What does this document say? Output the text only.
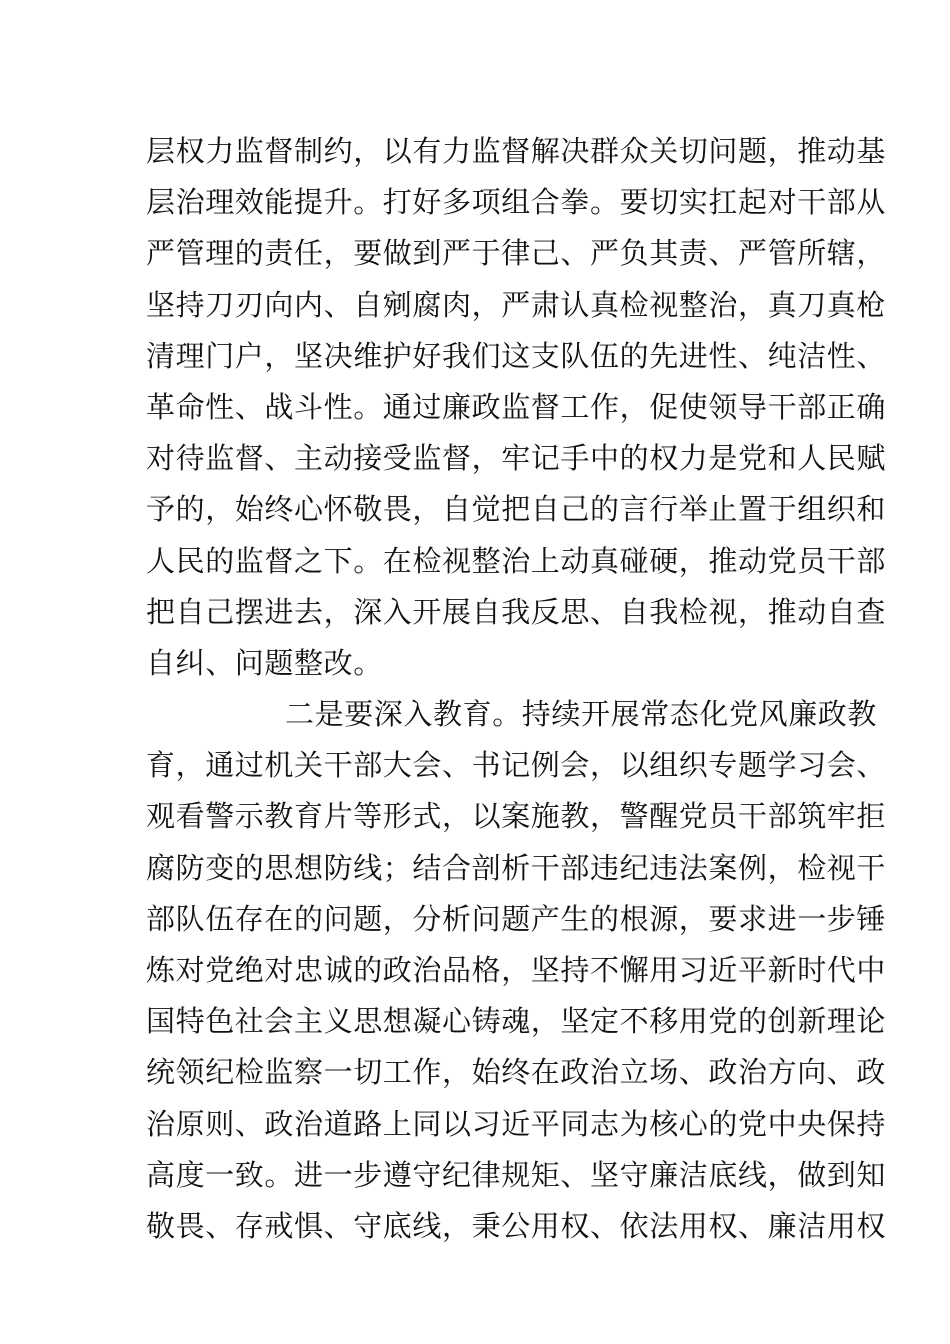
层权力监督制约，以有力监督解决群众关切问题，推动基
层治理效能提升。打好多项组合拳。要切实扛起对干部从
严管理的责任，要做到严于律己、严负其责、严管所辖，
坚持刀刃向内、自剜腐肉，严肃认真检视整治，真刀真枪
清理门户，坚决维护好我们这支队伍的先进性、纯洁性、
革命性、战斗性。通过廉政监督工作，促使领导干部正确
对待监督、主动接受监督，牢记手中的权力是党和人民赋
予的，始终心怀敬畏，自觉把自己的言行举止置于组织和
人民的监督之下。在检视整治上动真碰硬，推动党员干部
把自己摆进去，深入开展自我反思、自我检视，推动自查
自纠、问题整改。
二是要深入教育。持续开展常态化党风廉政教
育，通过机关干部大会、书记例会，以组织专题学习会、
观看警示教育片等形式，以案施教，警醒党员干部筑牢拒
腐防变的思想防线；结合剖析干部违纪违法案例，检视干
部队伍存在的问题，分析问题产生的根源，要求进一步锤
炼对党绝对忠诚的政治品格，坚持不懈用习近平新时代中
国特色社会主义思想凝心铸魂，坚定不移用党的创新理论
统领纪检监察一切工作，始终在政治立场、政治方向、政
治原则、政治道路上同以习近平同志为核心的党中央保持
高度一致。进一步遵守纪律规矩、坚守廉洁底线，做到知
敬畏、存戒惧、守底线，秉公用权、依法用权、廉洁用权
